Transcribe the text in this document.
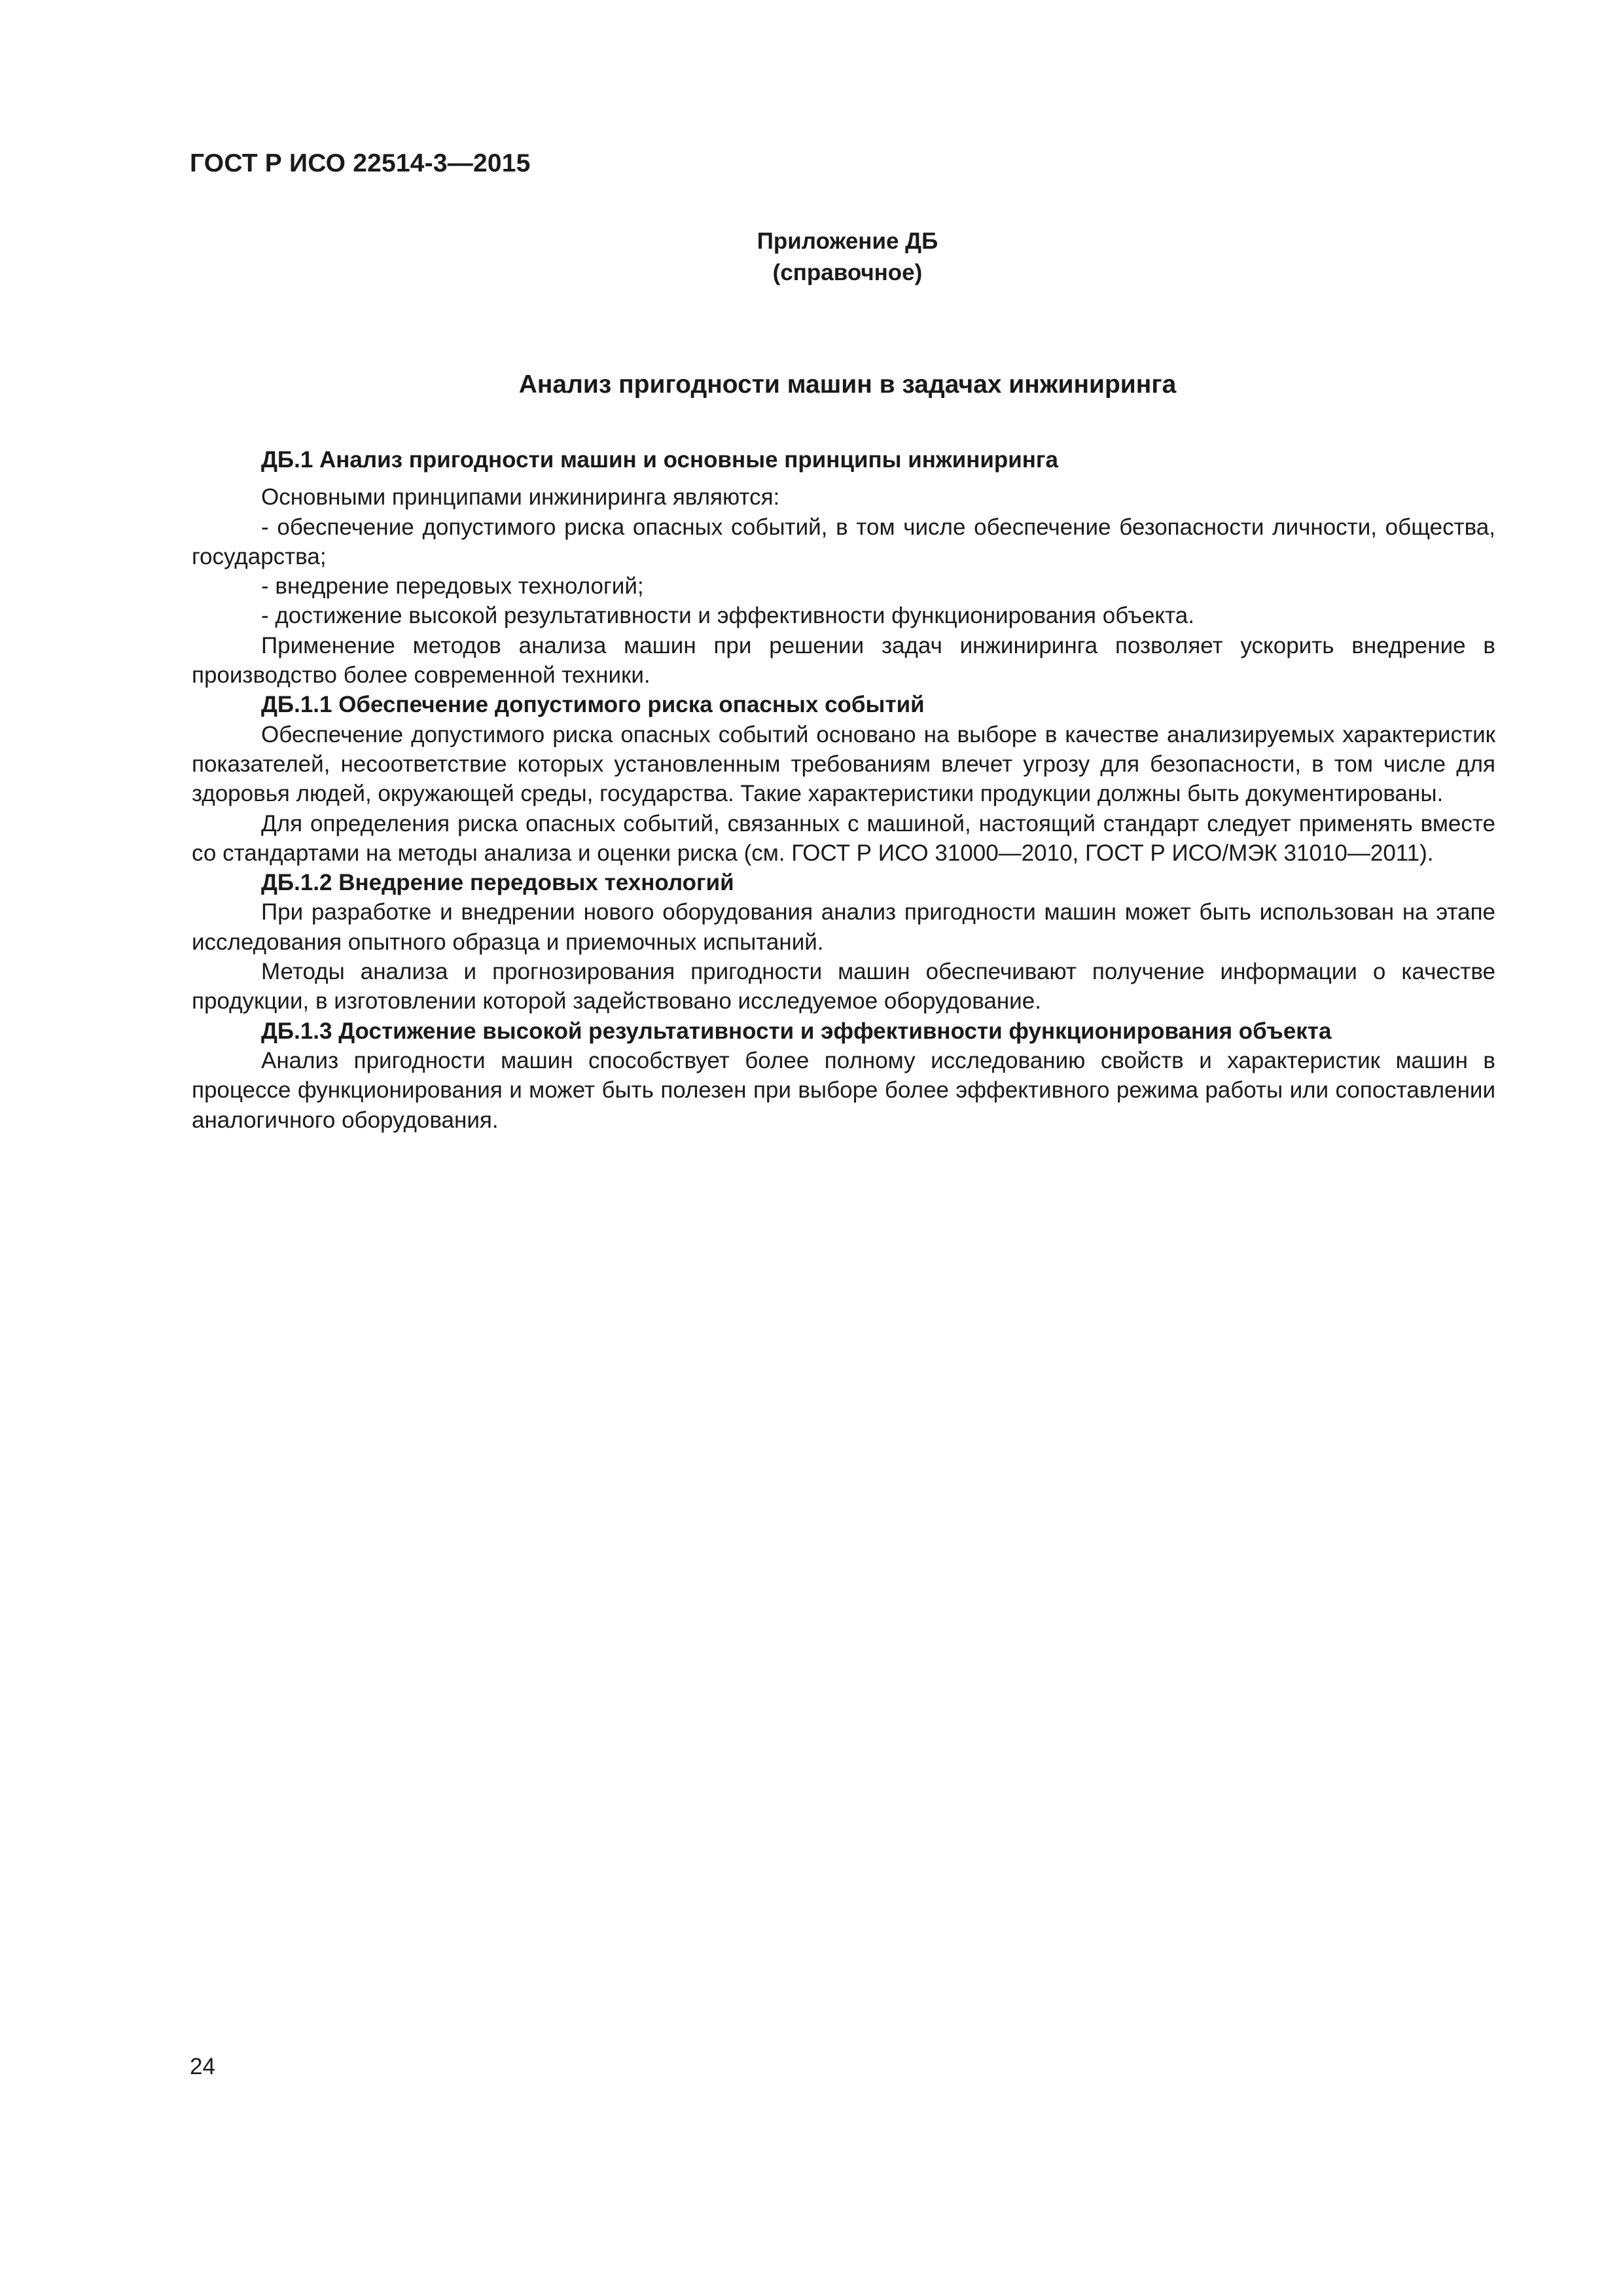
ГОСТ Р ИСО 22514-3—2015
Приложение ДБ
(справочное)
Анализ пригодности машин в задачах инжиниринга

ДБ.1 Анализ пригодности машин и основные принципы инжиниринга

Основными принципами инжиниринга являются:

- обеспечение допустимого риска опасных событий, в том числе обеспечение безопасности личности, общества, государства;

- внедрение передовых технологий;

- достижение высокой результативности и эффективности функционирования объекта.

Применение методов анализа машин при решении задач инжиниринга позволяет ускорить внедрение в производство более современной техники.

ДБ.1.1 Обеспечение допустимого риска опасных событий

Обеспечение допустимого риска опасных событий основано на выборе в качестве анализируемых характеристик показателей, несоответствие которых установленным требованиям влечет угрозу для безопасности, в том числе для здоровья людей, окружающей среды, государства. Такие характеристики продукции должны быть документированы.

Для определения риска опасных событий, связанных с машиной, настоящий стандарт следует применять вместе со стандартами на методы анализа и оценки риска (см. ГОСТ Р ИСО 31000—2010, ГОСТ Р ИСО/МЭК 31010—2011).

ДБ.1.2 Внедрение передовых технологий

При разработке и внедрении нового оборудования анализ пригодности машин может быть использован на этапе исследования опытного образца и приемочных испытаний.

Методы анализа и прогнозирования пригодности машин обеспечивают получение информации о качестве продукции, в изготовлении которой задействовано исследуемое оборудование.

ДБ.1.3 Достижение высокой результативности и эффективности функционирования объекта

Анализ пригодности машин способствует более полному исследованию свойств и характеристик машин в процессе функционирования и может быть полезен при выборе более эффективного режима работы или сопоставлении аналогичного оборудования.

24
